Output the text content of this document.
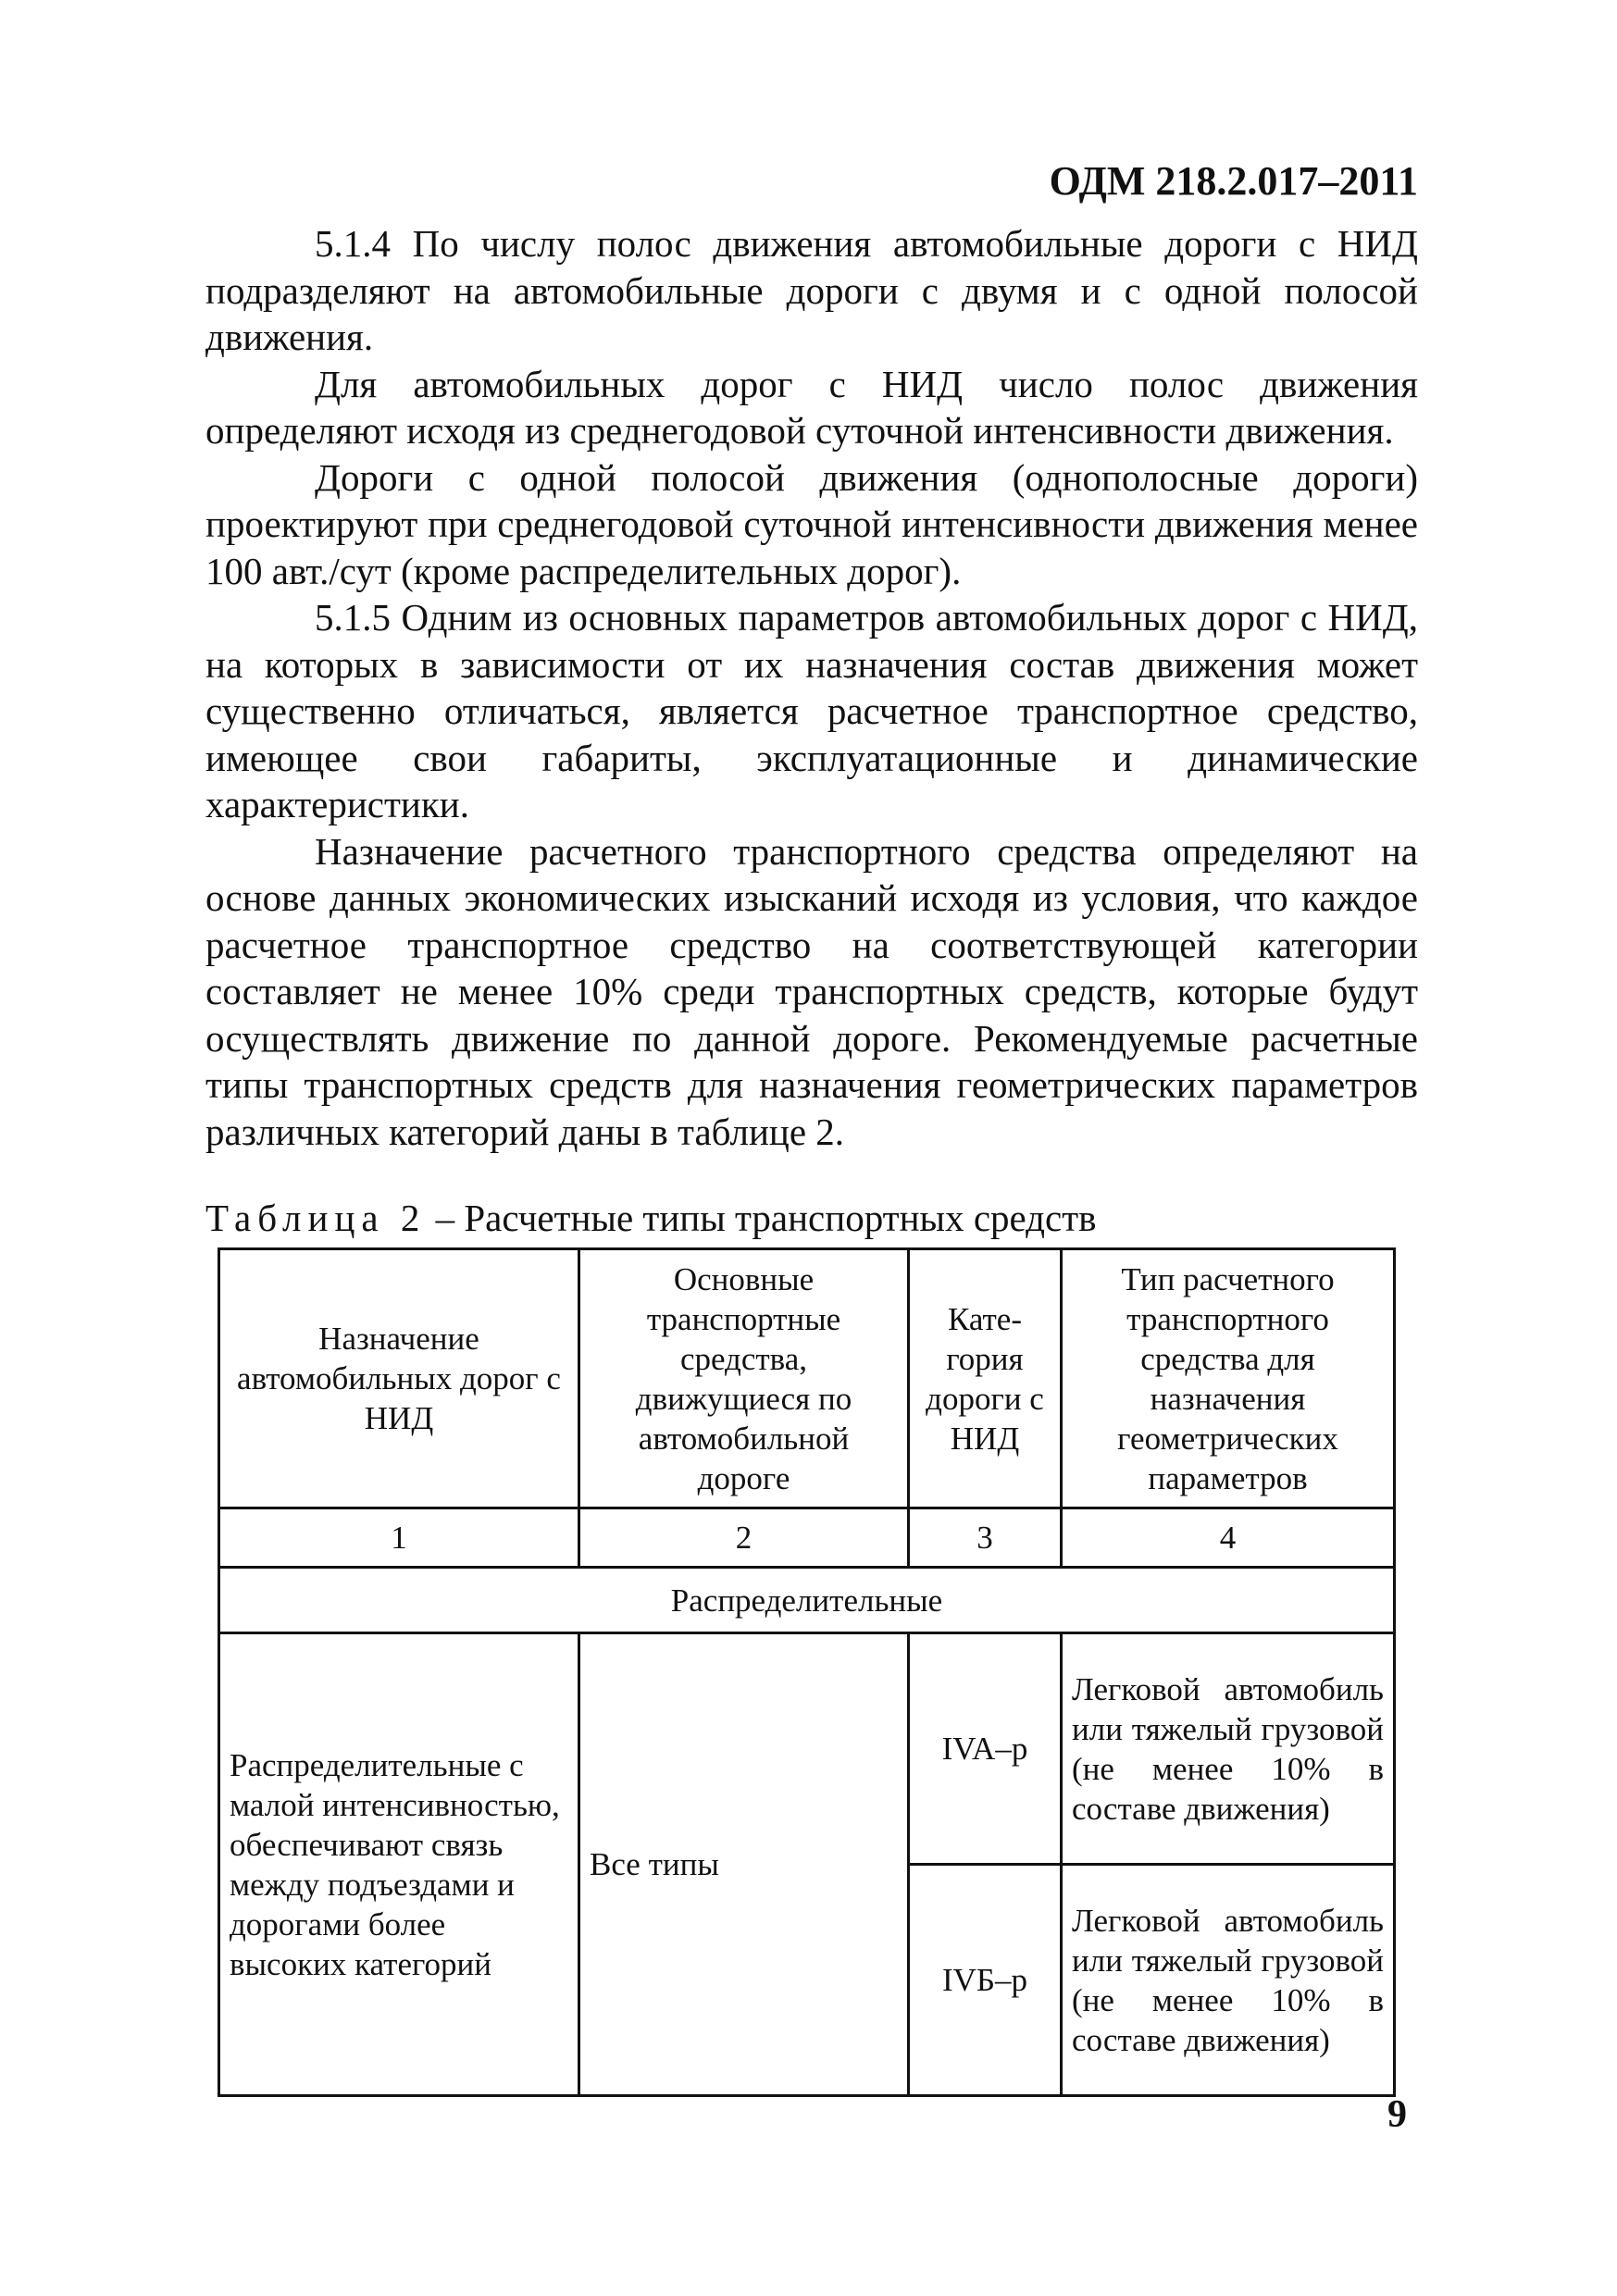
ОДМ 218.2.017–2011

5.1.4 По числу полос движения автомобильные дороги с НИД подразделяют на автомобильные дороги с двумя и с одной полосой движения.

Для автомобильных дорог с НИД число полос движения определяют исходя из среднегодовой суточной интенсивности движения.

Дороги с одной полосой движения (однополосные дороги) проектируют при среднегодовой суточной интенсивности движения менее 100 авт./сут (кроме распределительных дорог).

5.1.5 Одним из основных параметров автомобильных дорог с НИД, на которых в зависимости от их назначения состав движения может существенно отличаться, является расчетное транспортное средство, имеющее свои габариты, эксплуатационные и динамические характеристики.

Назначение расчетного транспортного средства определяют на основе данных экономических изысканий исходя из условия, что каждое расчетное транспортное средство на соответствующей категории составляет не менее 10% среди транспортных средств, которые будут осуществлять движение по данной дороге. Рекомендуемые расчетные типы транспортных средств для назначения геометрических параметров различных категорий даны в таблице 2.

Таблица 2 – Расчетные типы транспортных средств
Назначение автомобильных дорог с НИД	Основные транспортные средства, движущиеся по автомобильной дороге	Кате-гория дороги с НИД	Тип расчетного транспортного средства для назначения геометрических параметров
1	2	3	4
Распределительные			
Распределительные с малой интенсивностью, обеспечивают связь между подъездами и дорогами более высоких категорий	Все типы	IVA–р	Легковой автомобиль или тяжелый грузовой (не менее 10% в составе движения)
		IVБ–р	Легковой автомобиль или тяжелый грузовой (не менее 10% в составе движения)
9
